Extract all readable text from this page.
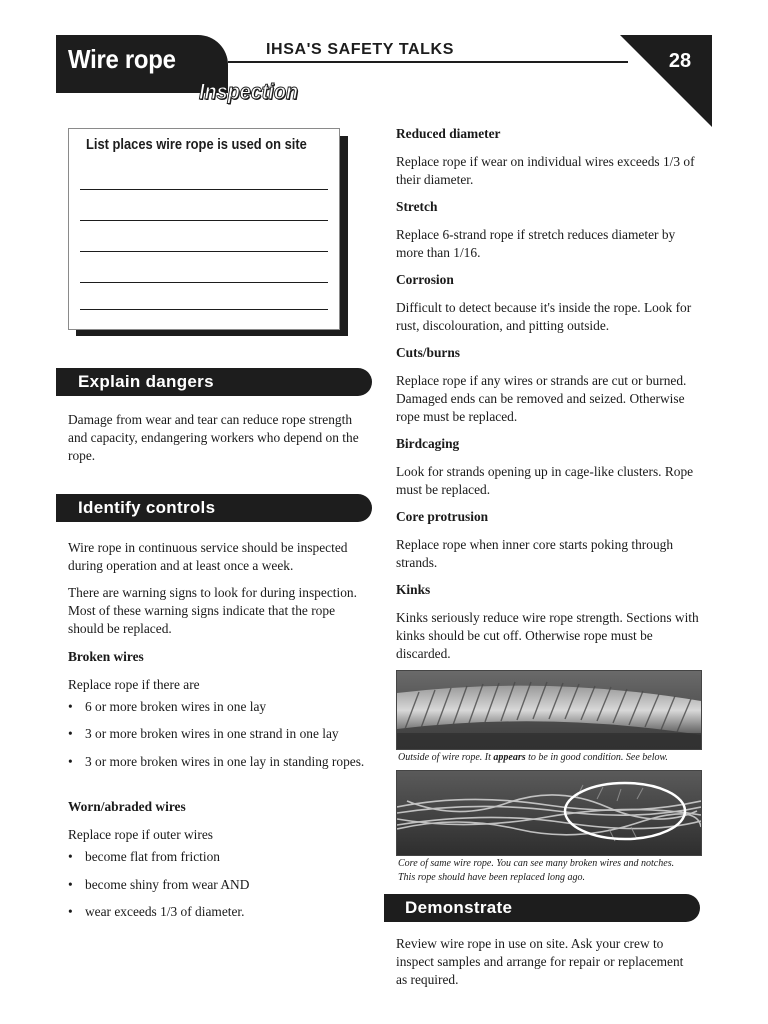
Wire rope	IHSA'S SAFETY TALKS
Inspection
28
List places wire rope is used on site
Explain dangers

Damage from wear and tear can reduce rope strength and capacity, endangering workers who depend on the rope.

Identify controls

Wire rope in continuous service should be inspected during operation and at least once a week.

There are warning signs to look for during inspection. Most of these warning signs indicate that the rope should be replaced.

Broken wires

Replace rope if there are

• 6 or more broken wires in one lay
• 3 or more broken wires in one strand in one lay
• 3 or more broken wires in one lay in standing ropes.

Worn/abraded wires

Replace rope if outer wires

• become flat from friction
• become shiny from wear AND
• wear exceeds 1/3 of diameter.

Reduced diameter

Replace rope if wear on individual wires exceeds 1/3 of their diameter.

Stretch

Replace 6-strand rope if stretch reduces diameter by more than 1/16.

Corrosion

Difficult to detect because it's inside the rope. Look for rust, discolouration, and pitting outside.

Cuts/burns

Replace rope if any wires or strands are cut or burned. Damaged ends can be removed and seized. Otherwise rope must be replaced.

Birdcaging

Look for strands opening up in cage-like clusters. Rope must be replaced.

Core protrusion

Replace rope when inner core starts poking through strands.

Kinks

Kinks seriously reduce wire rope strength. Sections with kinks should be cut off. Otherwise rope must be discarded.

Outside of wire rope. It appears to be in good condition. See below.
Core of same wire rope. You can see many broken wires and notches.
This rope should have been replaced long ago.
Demonstrate

Review wire rope in use on site. Ask your crew to inspect samples and arrange for repair or replacement as required.
